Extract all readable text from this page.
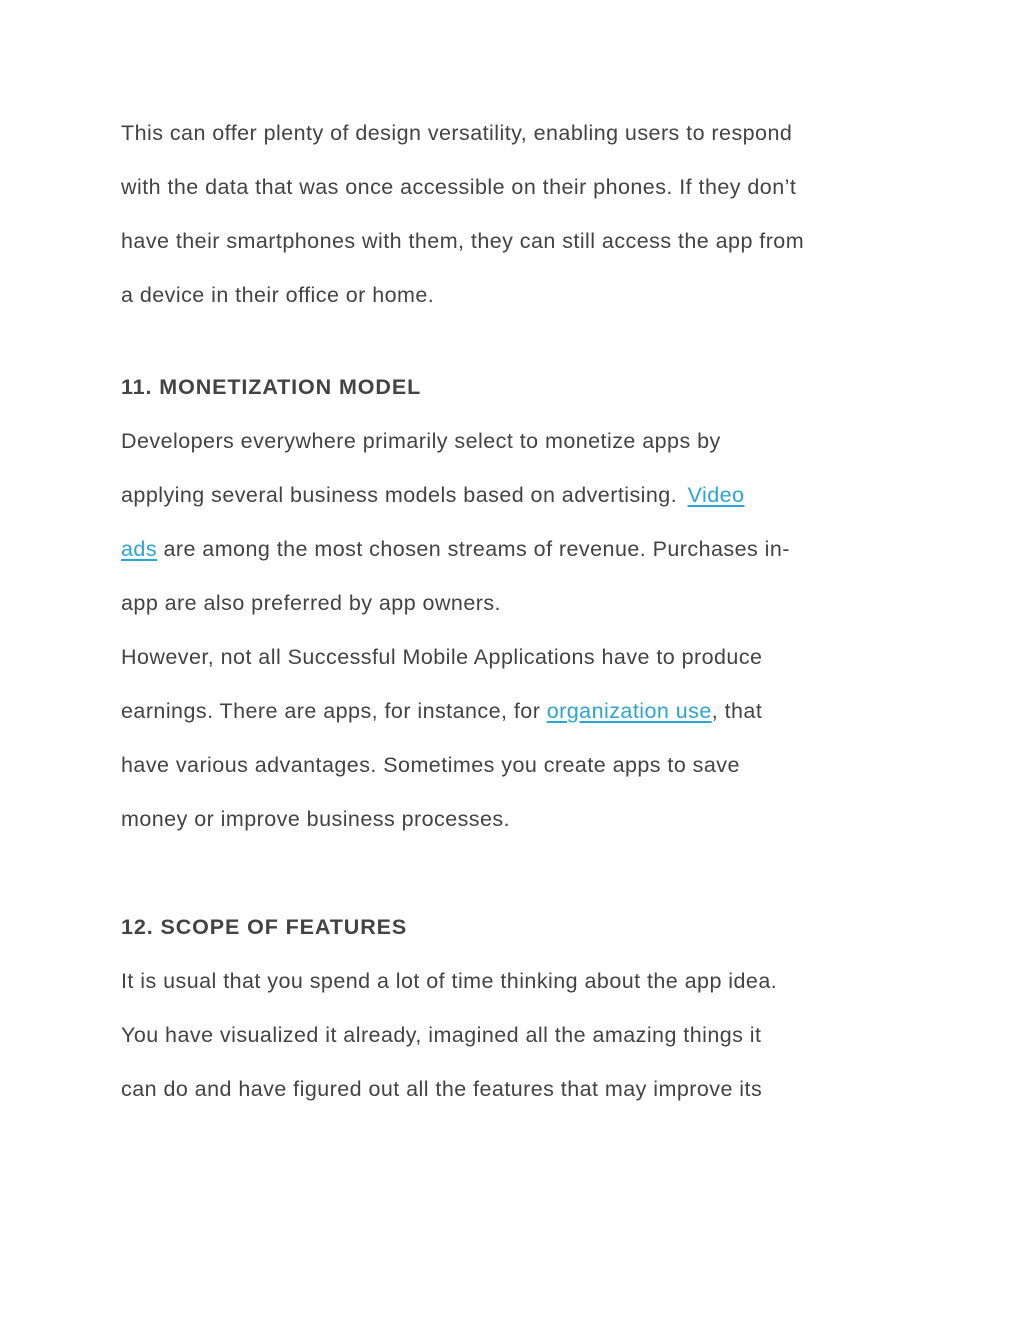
This can offer plenty of design versatility, enabling users to respond
with the data that was once accessible on their phones. If they don’t
have their smartphones with them, they can still access the app from
a device in their office or home.
11. MONETIZATION MODEL
Developers everywhere primarily select to monetize apps by
applying several business models based on advertising. Video
ads are among the most chosen streams of revenue. Purchases in-
app are also preferred by app owners.
However, not all Successful Mobile Applications have to produce
earnings. There are apps, for instance, for organization use, that
have various advantages. Sometimes you create apps to save
money or improve business processes.
12. SCOPE OF FEATURES
It is usual that you spend a lot of time thinking about the app idea.
You have visualized it already, imagined all the amazing things it
can do and have figured out all the features that may improve its
